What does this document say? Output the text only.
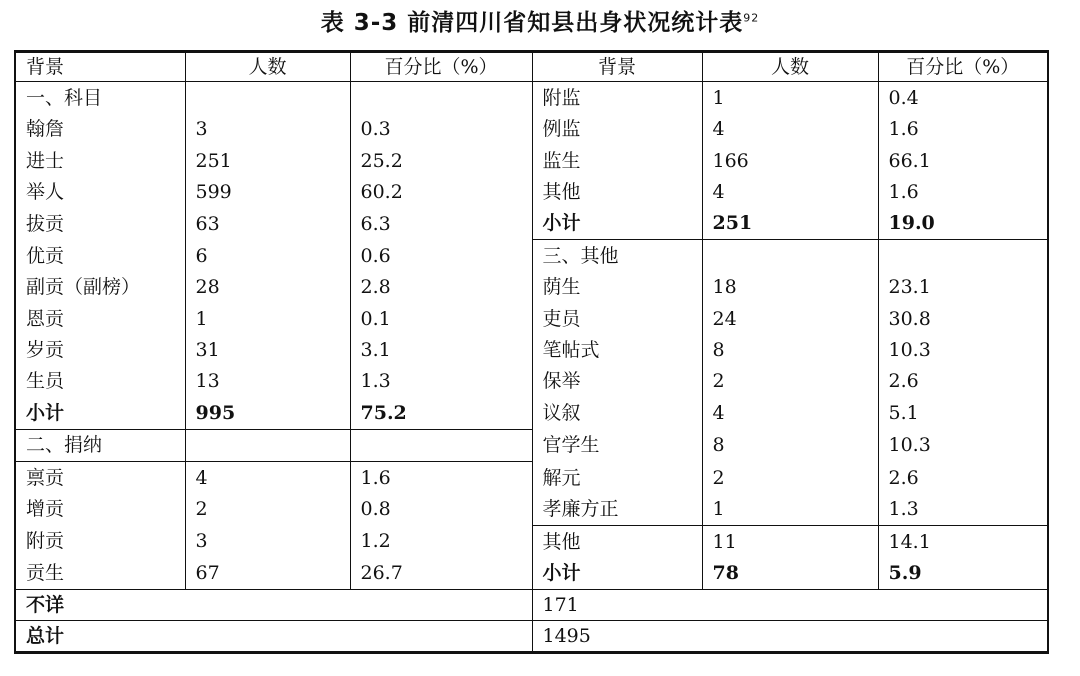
表 3-3 前清四川省知县出身状况统计表$^{92}$
背景	人数	百分比（%）	背景	人数	百分比（%）
一、科目			附监	1	0.4
翰詹	3	0.3	例监	4	1.6
进士	251	25.2	监生	166	66.1
举人	599	60.2	其他	4	1.6
拔贡	63	6.3	小计	251	19.0
优贡	6	0.6	三、其他		
副贡（副榜）	28	2.8	荫生	18	23.1
恩贡	1	0.1	吏员	24	30.8
岁贡	31	3.1	笔帖式	8	10.3
生员	13	1.3	保举	2	2.6
小计	995	75.2	议叙	4	5.1
二、捐纳			官学生	8	10.3
禀贡	4	1.6	解元	2	2.6
增贡	2	0.8	孝廉方正	1	1.3
附贡	3	1.2	其他	11	14.1
贡生	67	26.7	小计	78	5.9
不详			171		
总计			1495		
